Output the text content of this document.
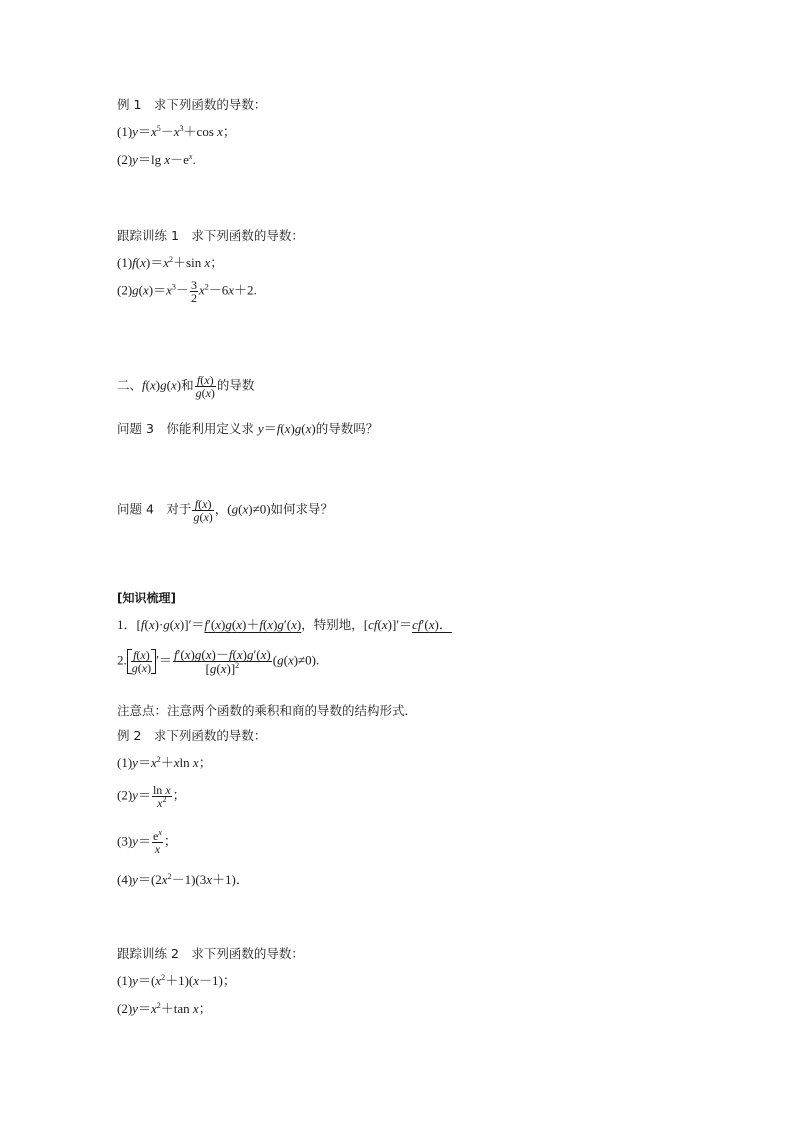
例 1　求下列函数的导数：
$(1)y=x^5-x^3+\cos$ x；
(2)y＝lg $x-e^x$.
跟踪训练 1　求下列函数的导数：
$(1)f(x)=x^2+\sin$ x；
$(2)g(x)=x^3- \frac{3}{2} x^2-6x+2$.
二、f(x)g(x)和 $\frac{f(x)}{g(x)}$ 的导数
问题 3　你能利用定义求 y＝f(x)g(x)的导数吗？
问题 4　对于 $\frac{f(x)}{g(x)}$ ，(g(x)≠0)如何求导？
[知识梳理]
1．[f(x)·g(x)]′＝f′(x)g(x)＋f(x)g′(x)，特别地，[cf(x)]′＝cf′(x)．
2. $\frac{f(x)}{g(x)}$ ′＝ $\frac{f'(x)g(x)-f(x)g'(x)}{[g(x)]^2} (g(x)\ne 0)$.
注意点：注意两个函数的乘积和商的导数的结构形式．
例 2　求下列函数的导数：
$(1)y=x^2+xln$ x；
$(2)y= \frac{\text{ln x}}{x^2}$ ；
$(3)y= \frac{e^x}{x}$ ；
$(4)y=(2x^2-1)(3x+1)$．
跟踪训练 2　求下列函数的导数：
$(1)y=(x^2+1)(x-1)$；
$(2)y=x^2+\tan$ x；
